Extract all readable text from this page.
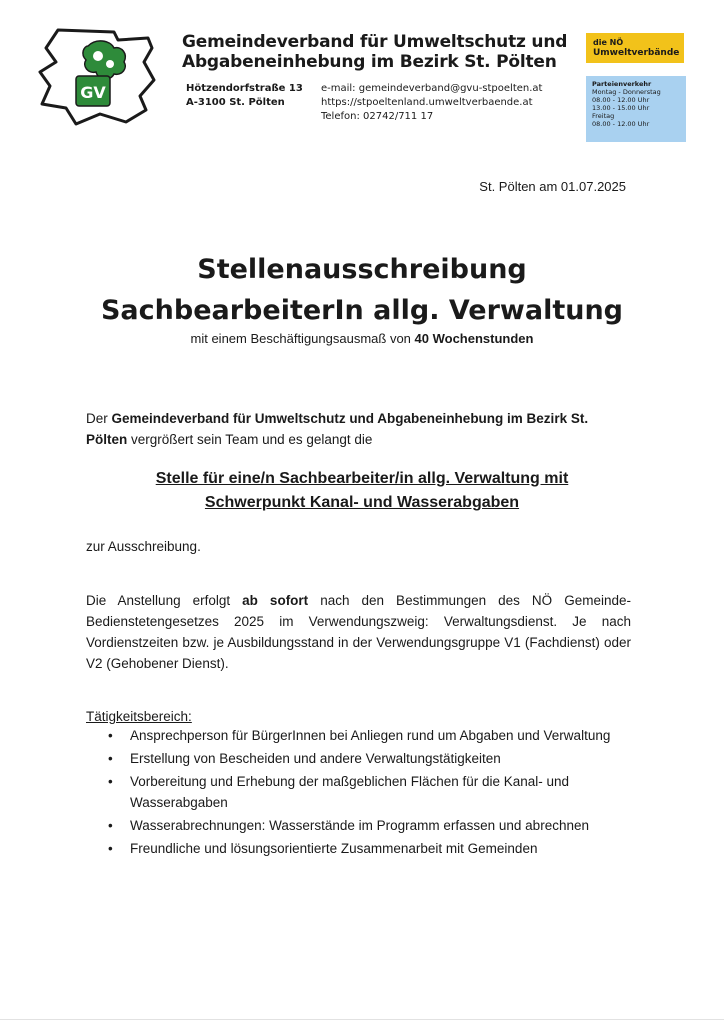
GV
Gemeindeverband für Umweltschutz und
Abgabeneinhebung im Bezirk St. Pölten
Hötzendorfstraße 13
A-3100 St. Pölten
e-mail: gemeindeverband@gvu-stpoelten.at
https://stpoeltenland.umweltverbaende.at
Telefon: 02742/711 17
die NÖ
Umweltverbände
Parteienverkehr
Montag - Donnerstag
08.00 - 12.00 Uhr
13.00 - 15.00 Uhr
Freitag
08.00 - 12.00 Uhr
St. Pölten am 01.07.2025
Stellenausschreibung
SachbearbeiterIn allg. Verwaltung
mit einem Beschäftigungsausmaß von 40 Wochenstunden
Der Gemeindeverband für Umweltschutz und Abgabeneinhebung im Bezirk St. Pölten vergrößert sein Team und es gelangt die
Stelle für eine/n Sachbearbeiter/in allg. Verwaltung mit
Schwerpunkt Kanal- und Wasserabgaben
zur Ausschreibung.
Die Anstellung erfolgt ab sofort nach den Bestimmungen des NÖ Gemeinde-Bedienstetengesetzes 2025 im Verwendungszweig: Verwaltungsdienst. Je nach Vordienstzeiten bzw. je Ausbildungsstand in der Verwendungsgruppe V1 (Fachdienst) oder V2 (Gehobener Dienst).
Tätigkeitsbereich:
• Ansprechperson für BürgerInnen bei Anliegen rund um Abgaben und Verwaltung
• Erstellung von Bescheiden und andere Verwaltungstätigkeiten
• Vorbereitung und Erhebung der maßgeblichen Flächen für die Kanal- und Wasserabgaben
• Wasserabrechnungen: Wasserstände im Programm erfassen und abrechnen
• Freundliche und lösungsorientierte Zusammenarbeit mit Gemeinden
